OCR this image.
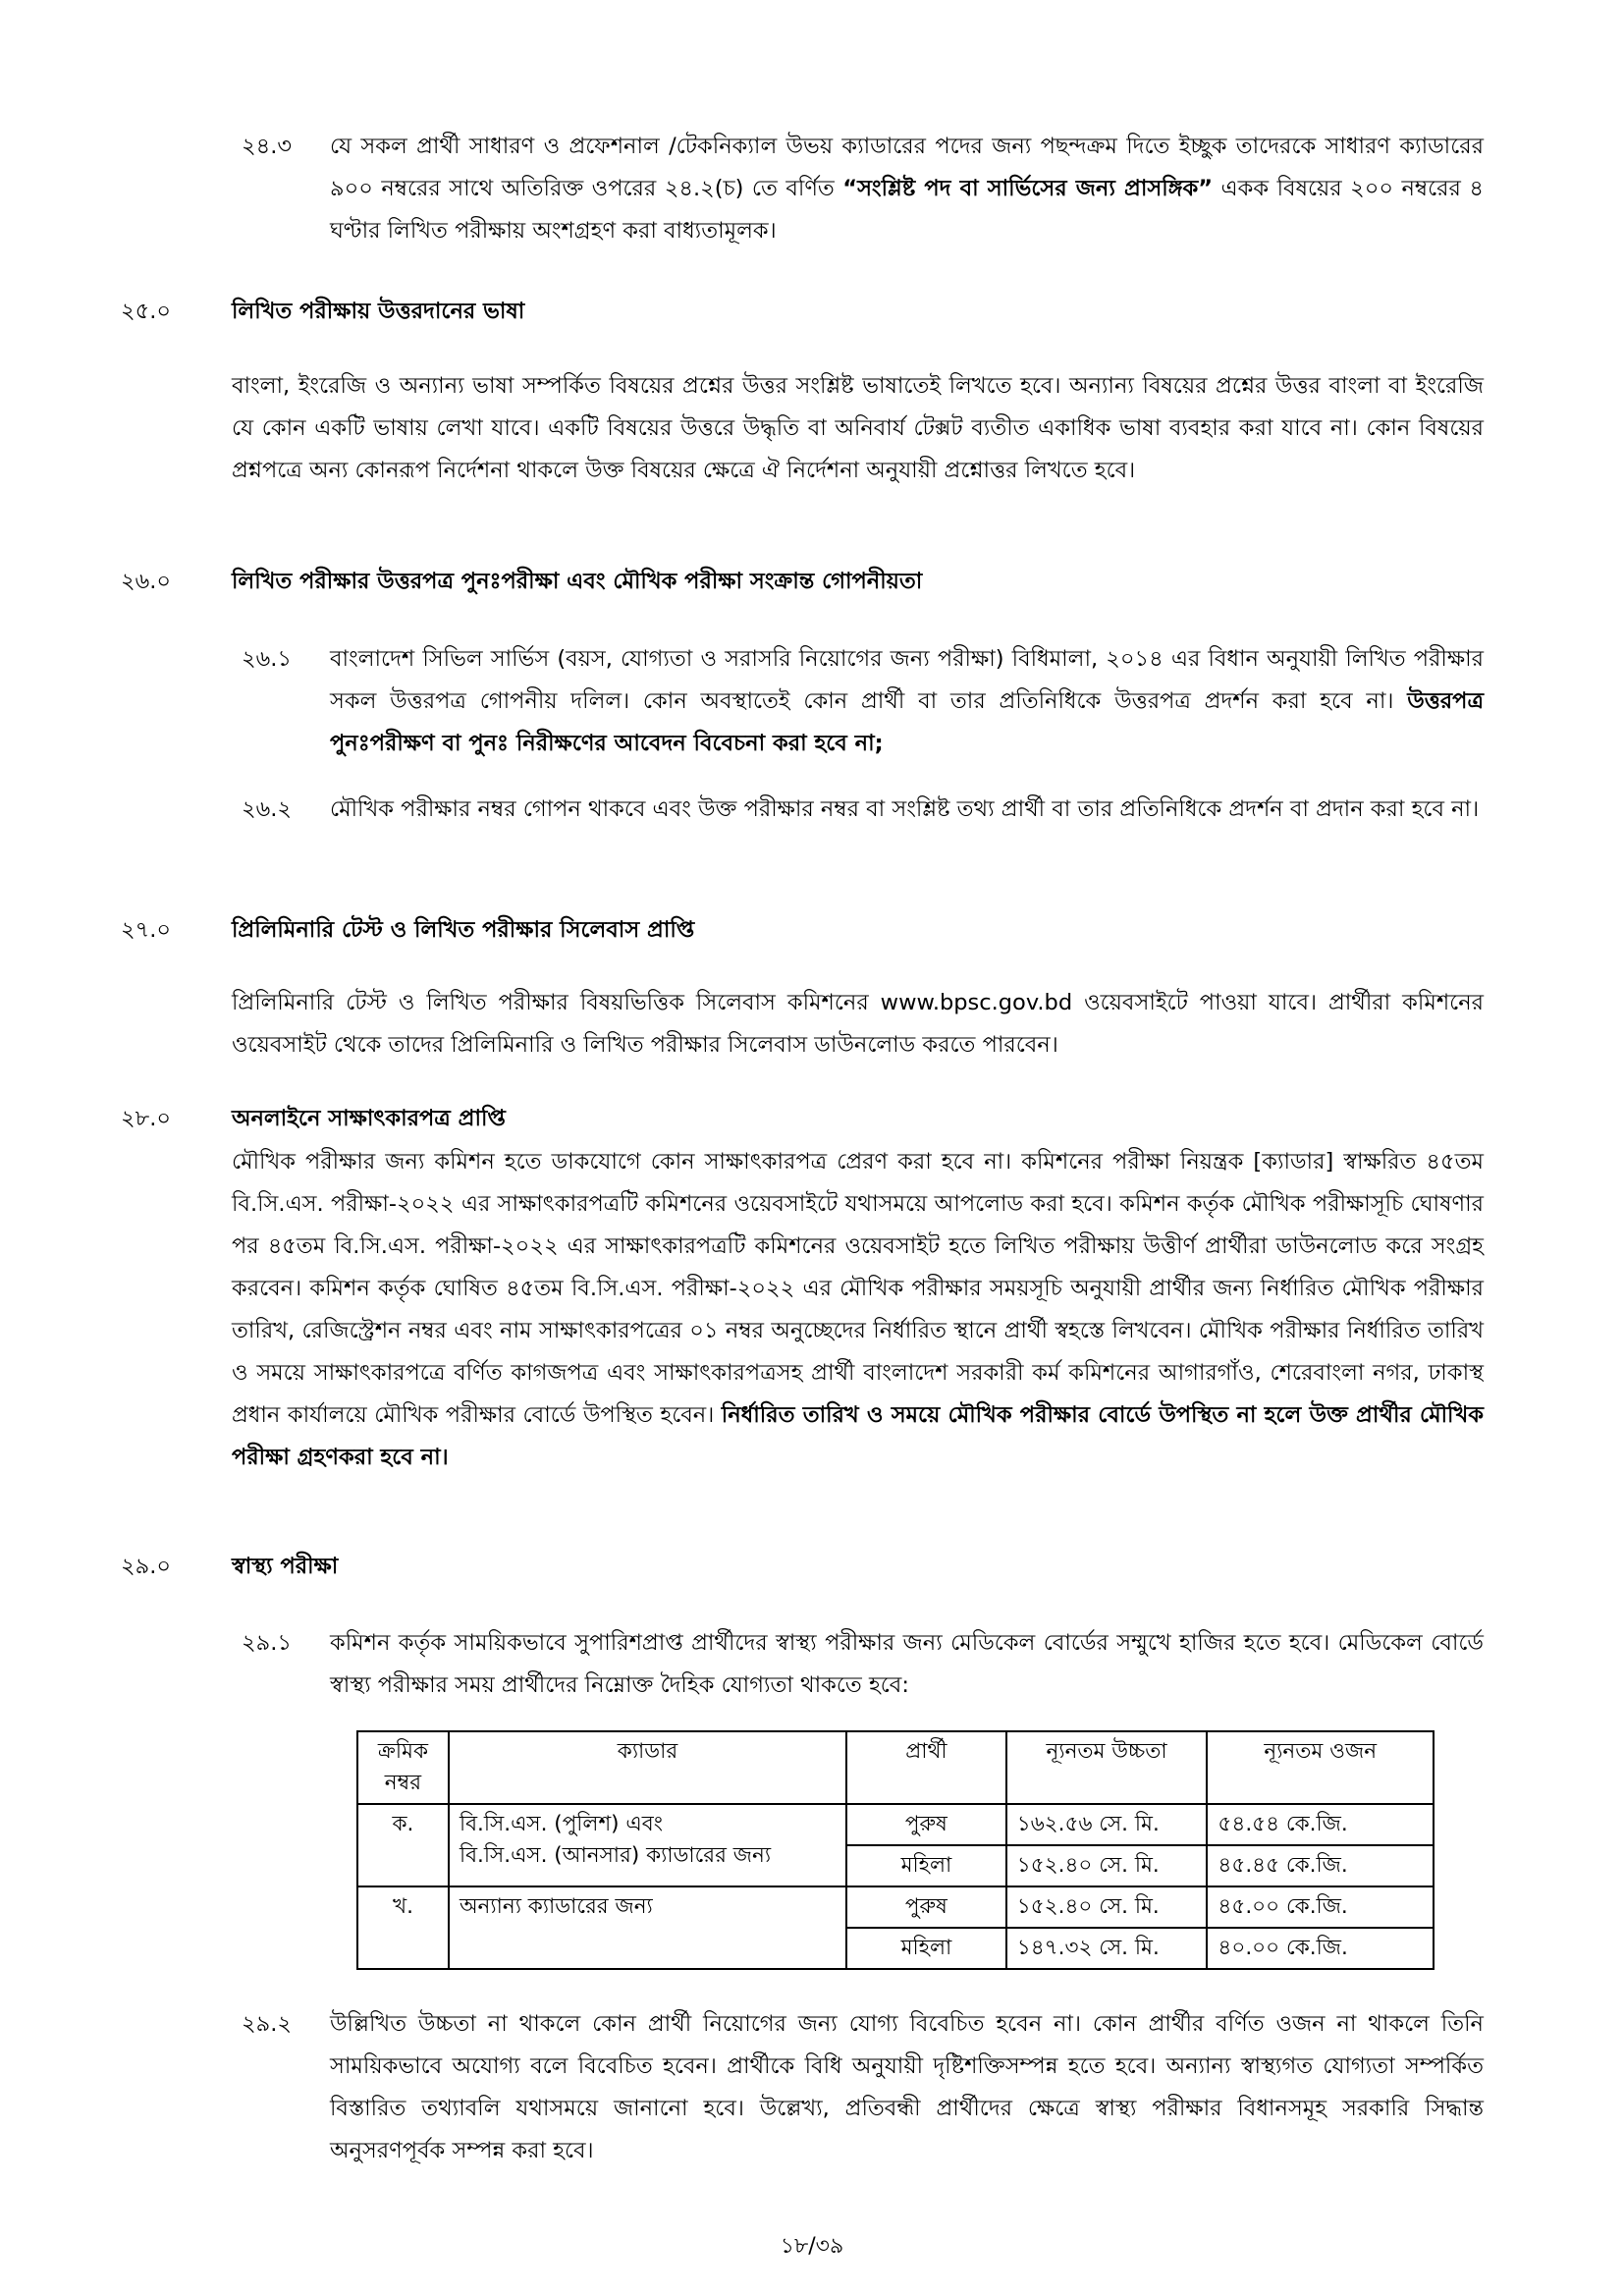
২৪.৩	যে সকল প্রার্থী সাধারণ ও প্রফেশনাল /টেকনিক্যাল উভয় ক্যাডারের পদের জন্য পছন্দক্রম দিতে ইচ্ছুক তাদেরকে সাধারণ ক্যাডারের ৯০০ নম্বরের সাথে অতিরিক্ত ওপরের ২৪.২(চ) তে বর্ণিত “সংশ্লিষ্ট পদ বা সার্ভিসের জন্য প্রাসঙ্গিক” একক বিষয়ের ২০০ নম্বরের ৪ ঘণ্টার লিখিত পরীক্ষায় অংশগ্রহণ করা বাধ্যতামূলক।
২৫.০	লিখিত পরীক্ষায় উত্তরদানের ভাষা
বাংলা, ইংরেজি ও অন্যান্য ভাষা সম্পর্কিত বিষয়ের প্রশ্নের উত্তর সংশ্লিষ্ট ভাষাতেই লিখতে হবে। অন্যান্য বিষয়ের প্রশ্নের উত্তর বাংলা বা ইংরেজি যে কোন একটি ভাষায় লেখা যাবে। একটি বিষয়ের উত্তরে উদ্ধৃতি বা অনিবার্য টেক্সট ব্যতীত একাধিক ভাষা ব্যবহার করা যাবে না। কোন বিষয়ের প্রশ্নপত্রে অন্য কোনরূপ নির্দেশনা থাকলে উক্ত বিষয়ের ক্ষেত্রে ঐ নির্দেশনা অনুযায়ী প্রশ্নোত্তর লিখতে হবে।
২৬.০	লিখিত পরীক্ষার উত্তরপত্র পুনঃপরীক্ষা এবং মৌখিক পরীক্ষা সংক্রান্ত গোপনীয়তা
২৬.১	বাংলাদেশ সিভিল সার্ভিস (বয়স, যোগ্যতা ও সরাসরি নিয়োগের জন্য পরীক্ষা) বিধিমালা, ২০১৪ এর বিধান অনুযায়ী লিখিত পরীক্ষার সকল উত্তরপত্র গোপনীয় দলিল। কোন অবস্থাতেই কোন প্রার্থী বা তার প্রতিনিধিকে উত্তরপত্র প্রদর্শন করা হবে না। উত্তরপত্র পুনঃপরীক্ষণ বা পুনঃ নিরীক্ষণের আবেদন বিবেচনা করা হবে না;
২৬.২	মৌখিক পরীক্ষার নম্বর গোপন থাকবে এবং উক্ত পরীক্ষার নম্বর বা সংশ্লিষ্ট তথ্য প্রার্থী বা তার প্রতিনিধিকে প্রদর্শন বা প্রদান করা হবে না।
২৭.০	প্রিলিমিনারি টেস্ট ও লিখিত পরীক্ষার সিলেবাস প্রাপ্তি
প্রিলিমিনারি টেস্ট ও লিখিত পরীক্ষার বিষয়ভিত্তিক সিলেবাস কমিশনের www.bpsc.gov.bd ওয়েবসাইটে পাওয়া যাবে। প্রার্থীরা কমিশনের ওয়েবসাইট থেকে তাদের প্রিলিমিনারি ও লিখিত পরীক্ষার সিলেবাস ডাউনলোড করতে পারবেন।
২৮.০	অনলাইনে সাক্ষাৎকারপত্র প্রাপ্তি
মৌখিক পরীক্ষার জন্য কমিশন হতে ডাকযোগে কোন সাক্ষাৎকারপত্র প্রেরণ করা হবে না। কমিশনের পরীক্ষা নিয়ন্ত্রক [ক্যাডার] স্বাক্ষরিত ৪৫তম বি.সি.এস. পরীক্ষা-২০২২ এর সাক্ষাৎকারপত্রটি কমিশনের ওয়েবসাইটে যথাসময়ে আপলোড করা হবে। কমিশন কর্তৃক মৌখিক পরীক্ষাসূচি ঘোষণার পর ৪৫তম বি.সি.এস. পরীক্ষা-২০২২ এর সাক্ষাৎকারপত্রটি কমিশনের ওয়েবসাইট হতে লিখিত পরীক্ষায় উত্তীর্ণ প্রার্থীরা ডাউনলোড করে সংগ্রহ করবেন। কমিশন কর্তৃক ঘোষিত ৪৫তম বি.সি.এস. পরীক্ষা-২০২২ এর মৌখিক পরীক্ষার সময়সূচি অনুযায়ী প্রার্থীর জন্য নির্ধারিত মৌখিক পরীক্ষার তারিখ, রেজিস্ট্রেশন নম্বর এবং নাম সাক্ষাৎকারপত্রের ০১ নম্বর অনুচ্ছেদের নির্ধারিত স্থানে প্রার্থী স্বহস্তে লিখবেন। মৌখিক পরীক্ষার নির্ধারিত তারিখ ও সময়ে সাক্ষাৎকারপত্রে বর্ণিত কাগজপত্র এবং সাক্ষাৎকারপত্রসহ প্রার্থী বাংলাদেশ সরকারী কর্ম কমিশনের আগারগাঁও, শেরেবাংলা নগর, ঢাকাস্থ প্রধান কার্যালয়ে মৌখিক পরীক্ষার বোর্ডে উপস্থিত হবেন। নির্ধারিত তারিখ ও সময়ে মৌখিক পরীক্ষার বোর্ডে উপস্থিত না হলে উক্ত প্রার্থীর মৌখিক পরীক্ষা গ্রহণকরা হবে না।
২৯.০	স্বাস্থ্য পরীক্ষা
২৯.১	কমিশন কর্তৃক সাময়িকভাবে সুপারিশপ্রাপ্ত প্রার্থীদের স্বাস্থ্য পরীক্ষার জন্য মেডিকেল বোর্ডের সম্মুখে হাজির হতে হবে। মেডিকেল বোর্ডে স্বাস্থ্য পরীক্ষার সময় প্রার্থীদের নিম্নোক্ত দৈহিক যোগ্যতা থাকতে হবে:
ক্রমিক নম্বর	ক্যাডার	প্রার্থী	ন্যূনতম উচ্চতা	ন্যূনতম ওজন
ক.	বি.সি.এস. (পুলিশ) এবং
বি.সি.এস. (আনসার) ক্যাডারের জন্য	পুরুষ	১৬২.৫৬ সে. মি.	৫৪.৫৪ কে.জি.
		মহিলা	১৫২.৪০ সে. মি.	৪৫.৪৫ কে.জি.
খ.	অন্যান্য ক্যাডারের জন্য	পুরুষ	১৫২.৪০ সে. মি.	৪৫.০০ কে.জি.
		মহিলা	১৪৭.৩২ সে. মি.	৪০.০০ কে.জি.
২৯.২	উল্লিখিত উচ্চতা না থাকলে কোন প্রার্থী নিয়োগের জন্য যোগ্য বিবেচিত হবেন না। কোন প্রার্থীর বর্ণিত ওজন না থাকলে তিনি সাময়িকভাবে অযোগ্য বলে বিবেচিত হবেন। প্রার্থীকে বিধি অনুযায়ী দৃষ্টিশক্তিসম্পন্ন হতে হবে। অন্যান্য স্বাস্থ্যগত যোগ্যতা সম্পর্কিত বিস্তারিত তথ্যাবলি যথাসময়ে জানানো হবে। উল্লেখ্য, প্রতিবন্ধী প্রার্থীদের ক্ষেত্রে স্বাস্থ্য পরীক্ষার বিধানসমূহ সরকারি সিদ্ধান্ত অনুসরণপূর্বক সম্পন্ন করা হবে।
১৮/৩৯
